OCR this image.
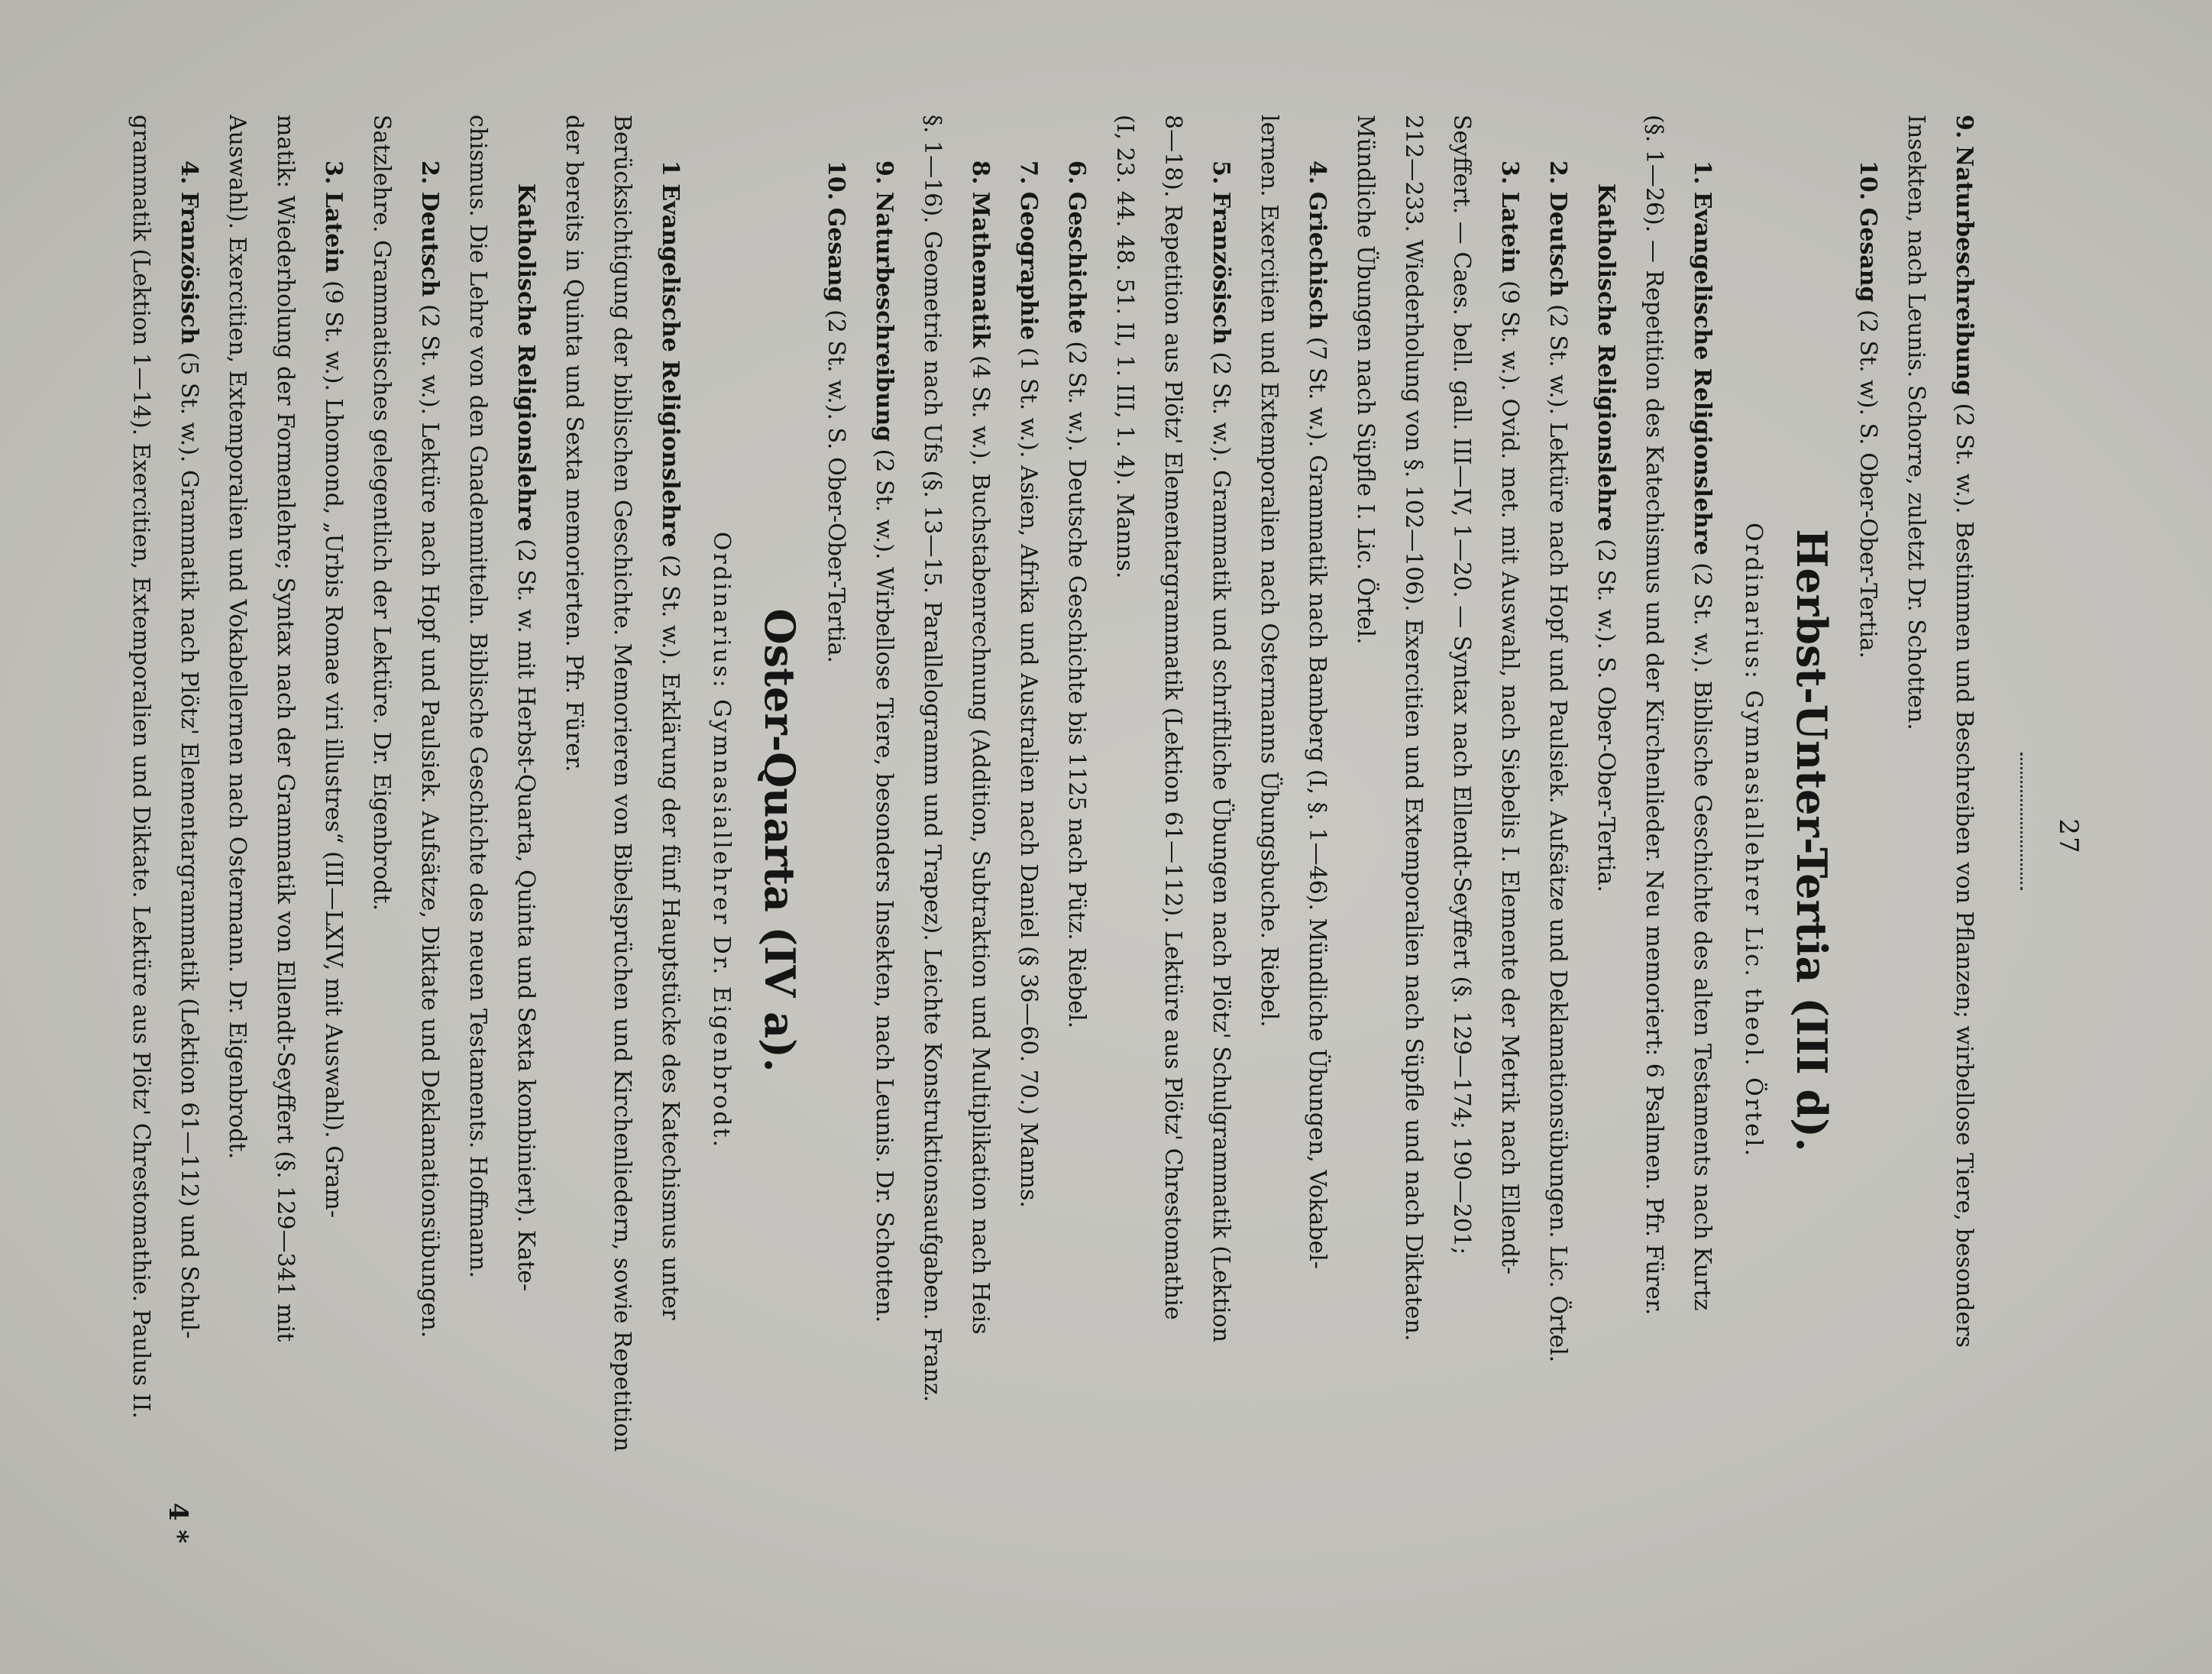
27
9. Naturbeschreibung (2 St. w.). Bestimmen und Beschreiben von Pflanzen; wirbellose Tiere, besonders
Insekten, nach Leunis. Schorre, zuletzt Dr. Schotten.
10. Gesang (2 St. w). S. Ober-Ober-Tertia.
Herbst-Unter-Tertia (III d).
Ordinarius: Gymnasiallehrer Lic. theol. Örtel.
1. Evangelische Religionslehre (2 St. w.). Biblische Geschichte des alten Testaments nach Kurtz
(§. 1—26). — Repetition des Katechismus und der Kirchenlieder. Neu memoriert: 6 Psalmen. Pfr. Fürer.
Katholische Religionslehre (2 St. w.). S. Ober-Ober-Tertia.
2. Deutsch (2 St. w.). Lektüre nach Hopf und Paulsiek. Aufsätze und Deklamationsübungen. Lic. Örtel.
3. Latein (9 St. w.). Ovid. met. mit Auswahl, nach Siebelis I. Elemente der Metrik nach Ellendt-
Seyffert. — Caes. bell. gall. III—IV, 1—20. — Syntax nach Ellendt-Seyffert (§. 129—174; 190—201;
212—233. Wiederholung von §. 102—106). Exercitien und Extemporalien nach Süpfle und nach Diktaten.
Mündliche Übungen nach Süpfle I. Lic. Örtel.
4. Griechisch (7 St. w.). Grammatik nach Bamberg (I, §. 1—46). Mündliche Übungen, Vokabel-
lernen. Exercitien und Extemporalien nach Ostermanns Übungsbuche. Riebel.
5. Französisch (2 St. w.). Grammatik und schriftliche Übungen nach Plötz' Schulgrammatik (Lektion
8—18). Repetition aus Plötz' Elementargrammatik (Lektion 61—112). Lektüre aus Plötz' Chrestomathie
(I, 23. 44. 48. 51. II, 1. III, 1. 4). Manns.
6. Geschichte (2 St. w.). Deutsche Geschichte bis 1125 nach Pütz. Riebel.
7. Geographie (1 St. w.). Asien, Afrika und Australien nach Daniel (§ 36—60. 70.) Manns.
8. Mathematik (4 St. w.). Buchstabenrechnung (Addition, Subtraktion und Multiplikation nach Heis
§. 1—16). Geometrie nach Ufs (§. 13—15. Parallelogramm und Trapez). Leichte Konstruktionsaufgaben. Franz.
9. Naturbeschreibung (2 St. w.). Wirbellose Tiere, besonders Insekten, nach Leunis. Dr. Schotten.
10. Gesang (2 St. w.). S. Ober-Ober-Tertia.
Oster-Quarta (IV a).
Ordinarius: Gymnasiallehrer Dr. Eigenbrodt.
1 Evangelische Religionslehre (2 St. w.). Erklärung der fünf Hauptstücke des Katechismus unter
Berücksichtigung der biblischen Geschichte. Memorieren von Bibelsprüchen und Kirchenliedern, sowie Repetition
der bereits in Quinta und Sexta memorierten. Pfr. Fürer.
Katholische Religionslehre (2 St. w. mit Herbst-Quarta, Quinta und Sexta kombiniert). Kate-
chismus. Die Lehre von den Gnadenmitteln. Biblische Geschichte des neuen Testaments. Hoffmann.
2. Deutsch (2 St. w.). Lektüre nach Hopf und Paulsiek. Aufsätze, Diktate und Deklamationsübungen.
Satzlehre. Grammatisches gelegentlich der Lektüre. Dr. Eigenbrodt.
3. Latein (9 St. w.). Lhomond, „Urbis Romae viri illustres“ (III—LXIV, mit Auswahl). Gram-
matik: Wiederholung der Formenlehre; Syntax nach der Grammatik von Ellendt-Seyffert (§. 129—341 mit
Auswahl). Exercitien, Extemporalien und Vokabellernen nach Ostermann. Dr. Eigenbrodt.
4. Französisch (5 St. w.). Grammatik nach Plötz' Elementargrammatik (Lektion 61—112) und Schul-
grammatik (Lektion 1—14). Exercitien, Extemporalien und Diktate. Lektüre aus Plötz' Chrestomathie. Paulus II.
4 *
